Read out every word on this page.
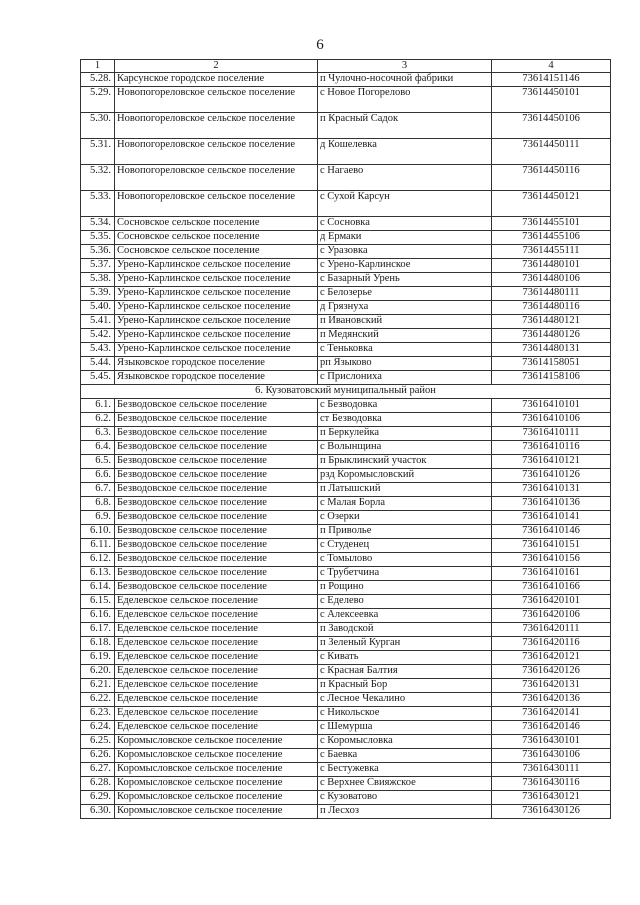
6
1	2	3	4
5.28.	Карсунское городское поселение	п Чулочно-носочной фабрики	73614151146
5.29.	Новопогореловское сельское поселение	с Новое Погорелово	73614450101
5.30.	Новопогореловское сельское поселение	п Красный Садок	73614450106
5.31.	Новопогореловское сельское поселение	д Кошелевка	73614450111
5.32.	Новопогореловское сельское поселение	с Нагаево	73614450116
5.33.	Новопогореловское сельское поселение	с Сухой Карсун	73614450121
5.34.	Сосновское сельское поселение	с Сосновка	73614455101
5.35.	Сосновское сельское поселение	д Ермаки	73614455106
5.36.	Сосновское сельское поселение	с Уразовка	73614455111
5.37.	Урено-Карлинское сельское поселение	с Урено-Карлинское	73614480101
5.38.	Урено-Карлинское сельское поселение	с Базарный Урень	73614480106
5.39.	Урено-Карлинское сельское поселение	с Белозерье	73614480111
5.40.	Урено-Карлинское сельское поселение	д Грязнуха	73614480116
5.41.	Урено-Карлинское сельское поселение	п Ивановский	73614480121
5.42.	Урено-Карлинское сельское поселение	п Медянский	73614480126
5.43.	Урено-Карлинское сельское поселение	с Теньковка	73614480131
5.44.	Языковское городское поселение	рп Языково	73614158051
5.45.	Языковское городское поселение	с Прислониха	73614158106
6. Кузоватовский муниципальный район			
6.1.	Безводовское сельское поселение	с Безводовка	73616410101
6.2.	Безводовское сельское поселение	ст Безводовка	73616410106
6.3.	Безводовское сельское поселение	п Беркулейка	73616410111
6.4.	Безводовское сельское поселение	с Волынщина	73616410116
6.5.	Безводовское сельское поселение	п Брыклинский участок	73616410121
6.6.	Безводовское сельское поселение	рзд Коромысловский	73616410126
6.7.	Безводовское сельское поселение	п Латышский	73616410131
6.8.	Безводовское сельское поселение	с Малая Борла	73616410136
6.9.	Безводовское сельское поселение	с Озерки	73616410141
6.10.	Безводовское сельское поселение	п Приволье	73616410146
6.11.	Безводовское сельское поселение	с Студенец	73616410151
6.12.	Безводовское сельское поселение	с Томылово	73616410156
6.13.	Безводовское сельское поселение	с Трубетчина	73616410161
6.14.	Безводовское сельское поселение	п Рощино	73616410166
6.15.	Еделевское сельское поселение	с Еделево	73616420101
6.16.	Еделевское сельское поселение	с Алексеевка	73616420106
6.17.	Еделевское сельское поселение	п Заводской	73616420111
6.18.	Еделевское сельское поселение	п Зеленый Курган	73616420116
6.19.	Еделевское сельское поселение	с Кивать	73616420121
6.20.	Еделевское сельское поселение	с Красная Балтия	73616420126
6.21.	Еделевское сельское поселение	п Красный Бор	73616420131
6.22.	Еделевское сельское поселение	с Лесное Чекалино	73616420136
6.23.	Еделевское сельское поселение	с Никольское	73616420141
6.24.	Еделевское сельское поселение	с Шемурша	73616420146
6.25.	Коромысловское сельское поселение	с Коромысловка	73616430101
6.26.	Коромысловское сельское поселение	с Баевка	73616430106
6.27.	Коромысловское сельское поселение	с Бестужевка	73616430111
6.28.	Коромысловское сельское поселение	с Верхнее Свияжское	73616430116
6.29.	Коромысловское сельское поселение	с Кузоватово	73616430121
6.30.	Коромысловское сельское поселение	п Лесхоз	73616430126
